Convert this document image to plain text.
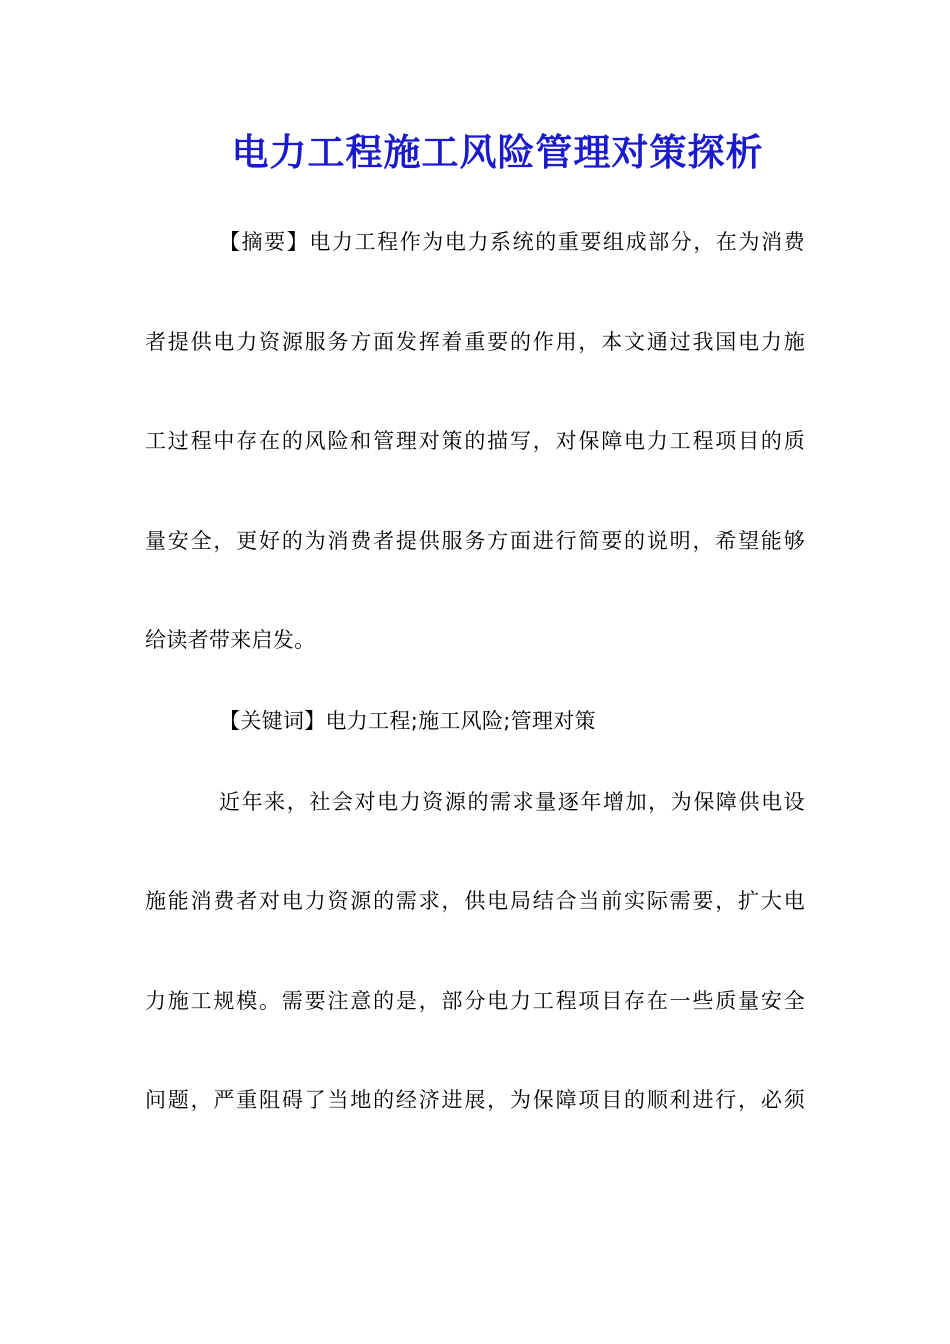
电力工程施工风险管理对策探析
【摘要】电力工程作为电力系统的重要组成部分，在为消费
者提供电力资源服务方面发挥着重要的作用，本文通过我国电力施
工过程中存在的风险和管理对策的描写，对保障电力工程项目的质
量安全，更好的为消费者提供服务方面进行简要的说明，希望能够
给读者带来启发。
【关键词】电力工程;施工风险;管理对策
近年来，社会对电力资源的需求量逐年增加，为保障供电设
施能消费者对电力资源的需求，供电局结合当前实际需要，扩大电
力施工规模。需要注意的是，部分电力工程项目存在一些质量安全
问题，严重阻碍了当地的经济进展，为保障项目的顺利进行，必须
